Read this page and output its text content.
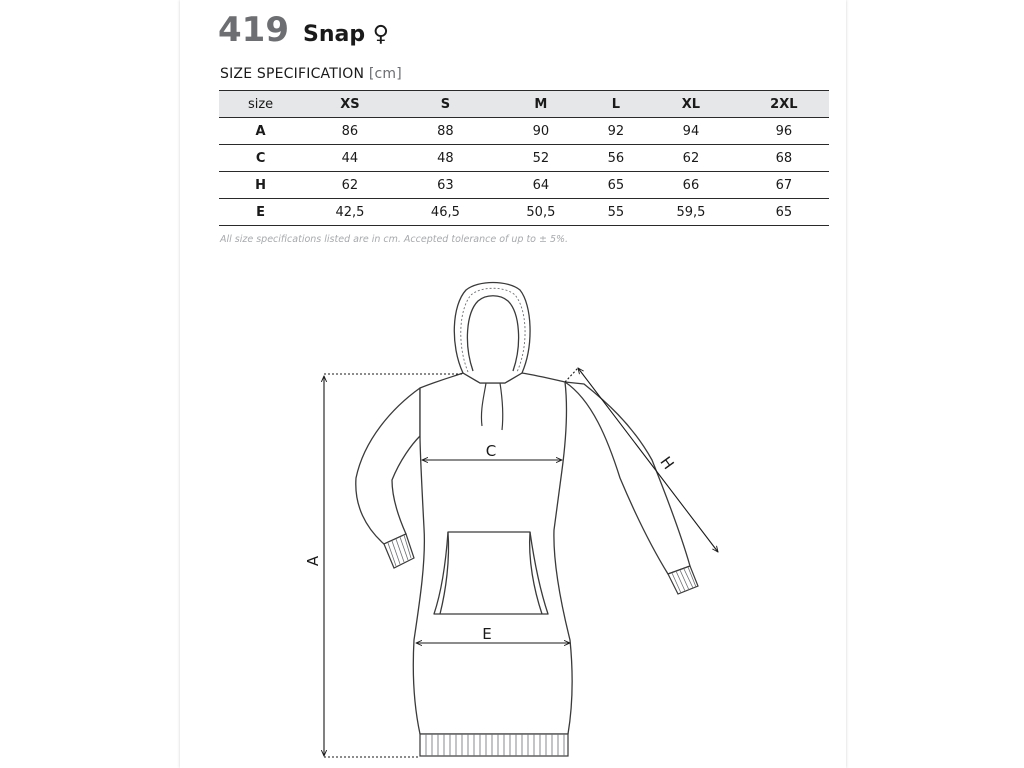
419 Snap ♀
SIZE SPECIFICATION [cm]
size	XS	S	M	L	XL	2XL
A	86	88	90	92	94	96
C	44	48	52	56	62	68
H	62	63	64	65	66	67
E	42,5	46,5	50,5	55	59,5	65
All size specifications listed are in cm. Accepted tolerance of up to ± 5%.
A
C
E
H
